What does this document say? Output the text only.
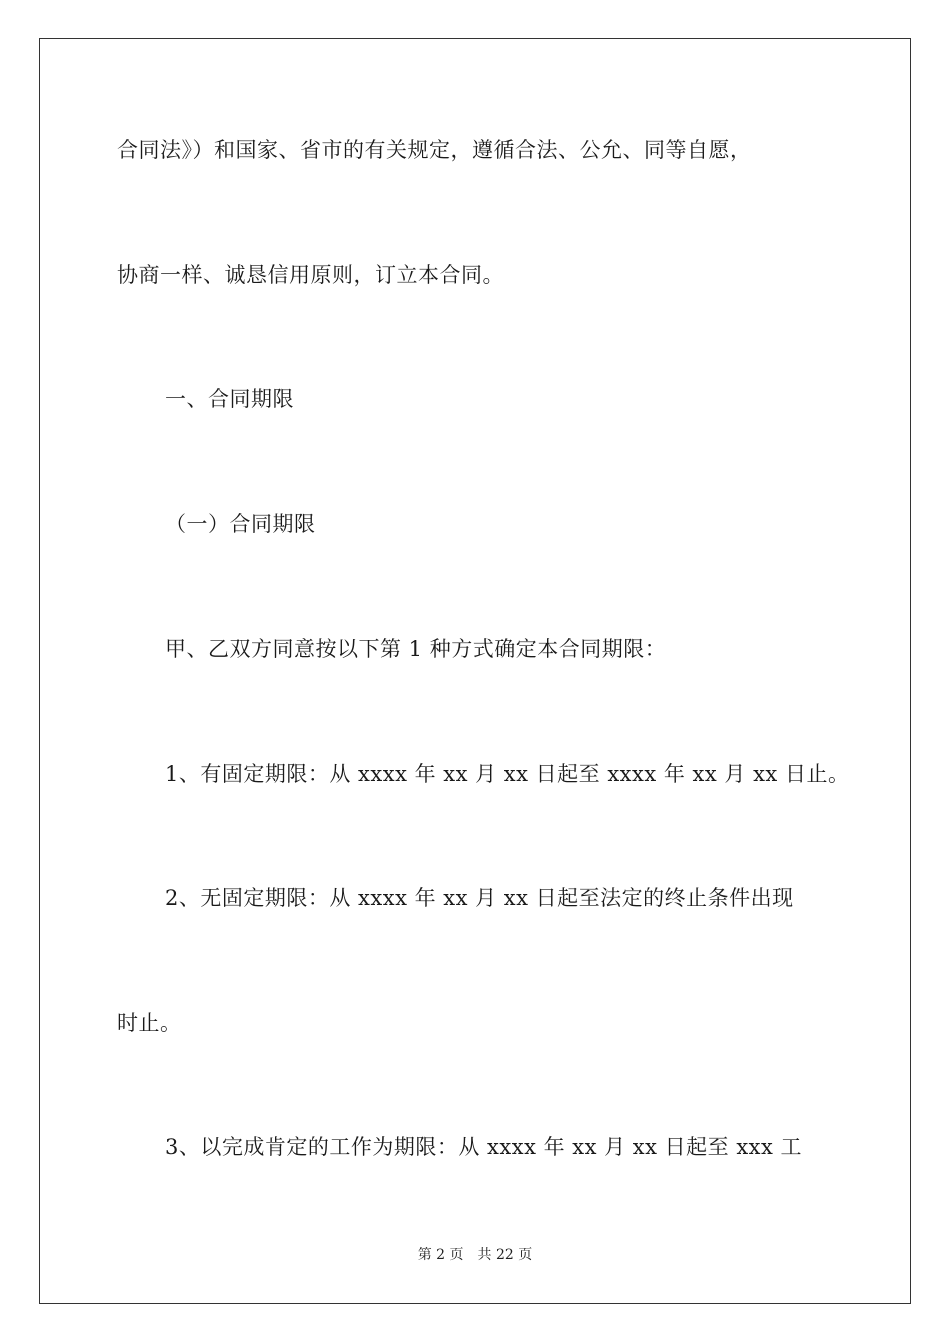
合同法》）和国家、省市的有关规定，遵循合法、公允、同等自愿，
协商一样、诚恳信用原则，订立本合同。
一、合同期限
（一）合同期限
甲、乙双方同意按以下第 1 种方式确定本合同期限：
1、有固定期限：从 xxxx 年 xx 月 xx 日起至 xxxx 年 xx 月 xx 日止。
2、无固定期限：从 xxxx 年 xx 月 xx 日起至法定的终止条件出现
时止。
3、以完成肯定的工作为期限：从 xxxx 年 xx 月 xx 日起至 xxx 工
第 2 页 共 22 页
